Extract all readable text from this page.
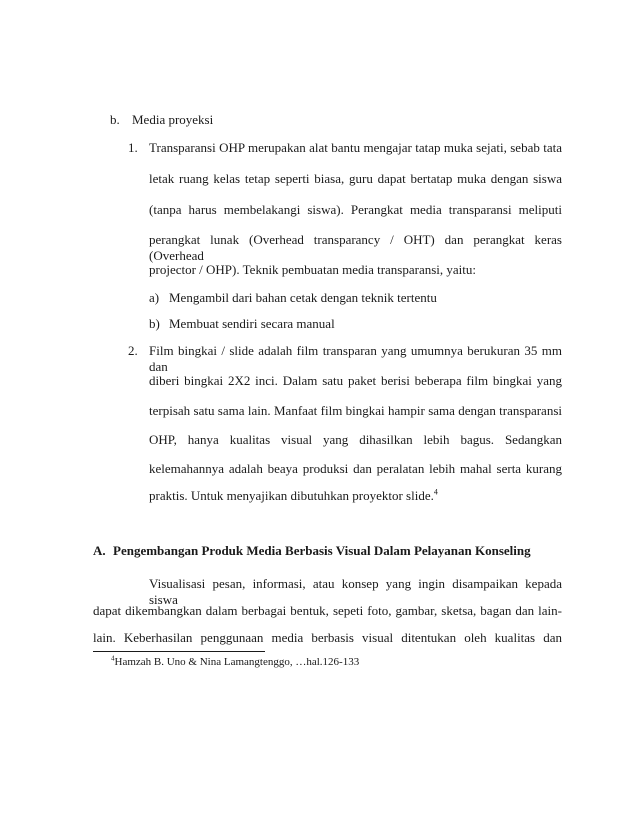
b. Media proyeksi
1. Transparansi OHP merupakan alat bantu mengajar tatap muka sejati, sebab tata
letak ruang kelas tetap seperti biasa, guru dapat bertatap muka dengan siswa
(tanpa harus membelakangi siswa). Perangkat media transparansi meliputi
perangkat lunak (Overhead transparancy / OHT) dan perangkat keras (Overhead
projector / OHP). Teknik pembuatan media transparansi, yaitu:
a) Mengambil dari bahan cetak dengan teknik tertentu
b) Membuat sendiri secara manual
2. Film bingkai / slide adalah film transparan yang umumnya berukuran 35 mm dan
diberi bingkai 2X2 inci. Dalam satu paket berisi beberapa film bingkai yang
terpisah satu sama lain. Manfaat film bingkai hampir sama dengan transparansi
OHP, hanya kualitas visual yang dihasilkan lebih bagus. Sedangkan
kelemahannya adalah beaya produksi dan peralatan lebih mahal serta kurang
praktis. Untuk menyajikan dibutuhkan proyektor slide.$^4$
A. Pengembangan Produk Media Berbasis Visual Dalam Pelayanan Konseling
Visualisasi pesan, informasi, atau konsep yang ingin disampaikan kepada siswa
dapat dikembangkan dalam berbagai bentuk, sepeti foto, gambar, sketsa, bagan dan lain-
lain. Keberhasilan penggunaan media berbasis visual ditentukan oleh kualitas dan
$^4$Hamzah B. Uno & Nina Lamangtenggo, …hal.126-133
